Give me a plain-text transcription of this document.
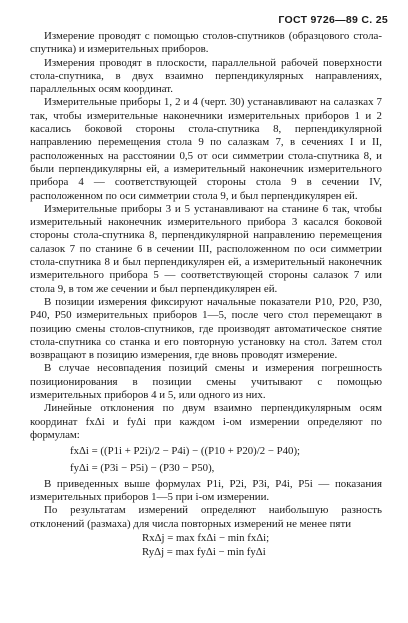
ГОСТ 9726—89 С. 25

Измерение проводят с помощью столов-спутников (образцового стола-спутника) и измерительных приборов.

Измерения проводят в плоскости, параллельной рабочей поверхности стола-спутника, в двух взаимно перпендикулярных направлениях, параллельных осям координат.

Измерительные приборы 1, 2 и 4 (черт. 30) устанавливают на салазках 7 так, чтобы измерительные наконечники измерительных приборов 1 и 2 касались боковой стороны стола-спутника 8, перпендикулярной направлению перемещения стола 9 по салазкам 7, в сечениях I и II, расположенных на расстоянии 0,5 от оси симметрии стола-спутника 8, и были перпендикулярны ей, а измерительный наконечник измерительного прибора 4 — соответствующей стороны стола 9 в сечении IV, расположенном по оси симметрии стола 9, и был перпендикулярен ей.

Измерительные приборы 3 и 5 устанавливают на станине 6 так, чтобы измерительный наконечник измерительного прибора 3 касался боковой стороны стола-спутника 8, перпендикулярной направлению перемещения салазок 7 по станине 6 в сечении III, расположенном по оси симметрии стола-спутника 8 и был перпендикулярен ей, а измерительный наконечник измерительного прибора 5 — соответствующей стороны салазок 7 или стола 9, в том же сечении и был перпендикулярен ей.

В позиции измерения фиксируют начальные показатели P10, P20, P30, P40, P50 измерительных приборов 1—5, после чего стол перемещают в позицию смены столов-спутников, где производят автоматическое снятие стола-спутника со станка и его повторную установку на стол. Затем стол возвращают в позицию измерения, где вновь проводят измерение.

В случае несовпадения позиций смены и измерения погрешность позиционирования в позиции смены учитывают с помощью измерительных приборов 4 и 5, или одного из них.

Линейные отклонения по двум взаимно перпендикулярным осям координат fxΔi и fyΔi при каждом i-ом измерении определяют по формулам:

fxΔi = ((P1i + P2i)/2 − P4i) − ((P10 + P20)/2 − P40);
fyΔi = (P3i − P5i) − (P30 − P50),

В приведенных выше формулах P1i, P2i, P3i, P4i, P5i — показания измерительных приборов 1—5 при i-ом измерении.

По результатам измерений определяют наибольшую разность отклонений (размаха) для числа повторных измерений не менее пяти

RxΔj = max fxΔi − min fxΔi;
RyΔj = max fyΔi − min fyΔi
